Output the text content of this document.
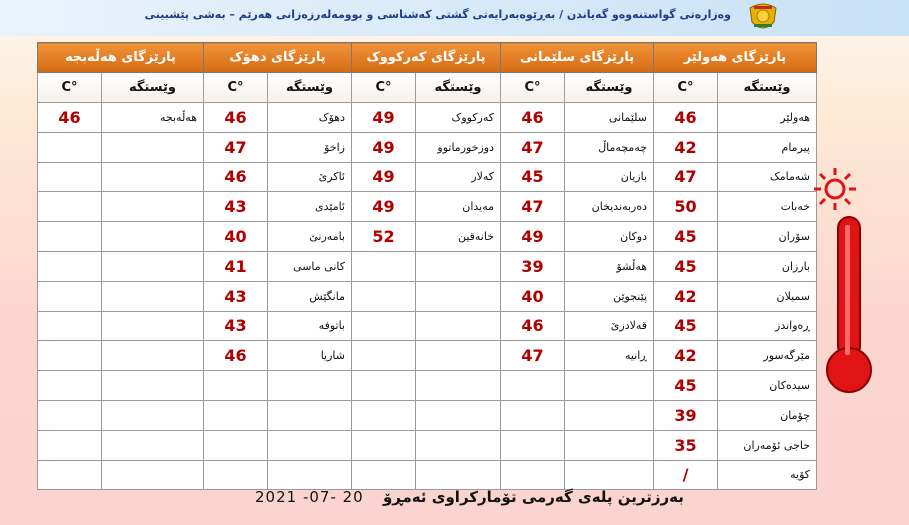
وەزارەتی گواستنەوەو گەیاندن / بەڕێوەبەرایەتی گشتی کەشناسی و بوومەلەرزەزانی هەرێم – بەشی پێشبینی
پارێزگای هەولێر		پارێزگای سلێمانی		پارێزگای کەرکووک		پارێزگای دهۆک		پارێزگای هەڵەبجە	
وێستگە	°C	وێستگە	°C	وێستگە	°C	وێستگە	°C	وێستگە	°C
هەولێر	46	سلێمانی	46	کەرکووک	49	دهۆک	46	هەڵەبجە	46
پیرمام	42	چەمچەماڵ	47	دوزخورماتوو	49	زاخۆ	47		
شەمامک	47	بازیان	45	کەلار	49	ئاکرێ	46		
خەبات	50	دەربەندیخان	47	مەیدان	49	ئامێدی	43		
سۆران	45	دوکان	49	خانەقین	52	بامەرنێ	40		
بارزان	45	هەڵشۆ	39			کانی ماسی	41		
سمیلان	42	پێنجوێن	40			مانگێش	43		
ڕەواندز	45	قەلادزێ	46			باتوفە	43		
مێرگەسور	42	ڕانیە	47			شاریا	46		
سیدەکان	45								
چۆمان	39								
حاجی ئۆمەران	35								
کۆیە	/								
2021 -07- 20 بەرزترین پلەی گەرمی تۆمارکراوی ئەمڕۆ
